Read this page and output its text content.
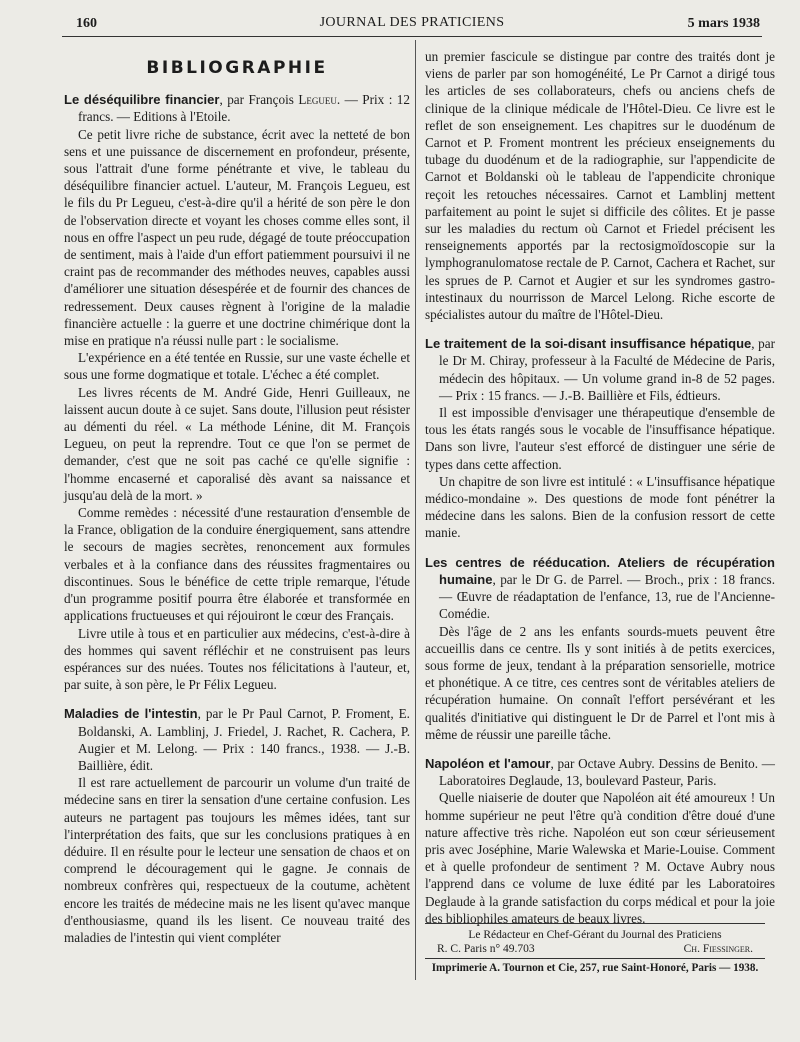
160	JOURNAL DES PRATICIENS	5 mars 1938
BIBLIOGRAPHIE

Le déséquilibre financier, par François Legueu. — Prix : 12 francs. — Editions à l'Etoile.

Ce petit livre riche de substance, écrit avec la netteté de bon sens et une puissance de discernement en profondeur, présente, sous l'attrait d'une forme pénétrante et vive, le tableau du déséquilibre financier actuel. L'auteur, M. François Legueu, est le fils du Pr Legueu, c'est-à-dire qu'il a hérité de son père le don de l'observation directe et voyant les choses comme elles sont, il nous en offre l'aspect un peu rude, dégagé de toute préoccupation de sentiment, mais à l'aide d'un effort patiemment poursuivi il ne craint pas de recommander des méthodes neuves, capables aussi d'améliorer une situation désespérée et de fournir des chances de redressement. Deux causes règnent à l'origine de la maladie financière actuelle : la guerre et une doctrine chimérique dont la mise en pratique n'a réussi nulle part : le socialisme.

L'expérience en a été tentée en Russie, sur une vaste échelle et sous une forme dogmatique et totale. L'échec a été complet.

Les livres récents de M. André Gide, Henri Guilleaux, ne laissent aucun doute à ce sujet. Sans doute, l'illusion peut résister au démenti du réel. « La méthode Lénine, dit M. François Legueu, on peut la reprendre. Tout ce que l'on se permet de demander, c'est que ne soit pas caché ce qu'elle signifie : l'homme encaserné et caporalisé dès avant sa naissance et jusqu'au delà de la mort. »

Comme remèdes : nécessité d'une restauration d'ensemble de la France, obligation de la conduire énergiquement, sans attendre le secours de magies secrètes, renoncement aux formules verbales et à la confiance dans des réussites fragmentaires ou discontinues. Sous le bénéfice de cette triple remarque, l'étude d'un programme positif pourra être élaborée et transformée en applications fructueuses et qui réjouiront le cœur des Français.

Livre utile à tous et en particulier aux médecins, c'est-à-dire à des hommes qui savent réfléchir et ne construisent pas leurs espérances sur des nuées. Toutes nos félicitations à l'auteur, et, par suite, à son père, le Pr Félix Legueu.

Maladies de l'intestin, par le Pr Paul Carnot, P. Froment, E. Boldanski, A. Lamblinj, J. Friedel, J. Rachet, R. Cachera, P. Augier et M. Lelong. — Prix : 140 francs., 1938. — J.-B. Baillière, édit.

Il est rare actuellement de parcourir un volume d'un traité de médecine sans en tirer la sensation d'une certaine confusion. Les auteurs ne partagent pas toujours les mêmes idées, tant sur l'interprétation des faits, que sur les conclusions pratiques à en déduire. Il en résulte pour le lecteur une sensation de chaos et on comprend le découragement qui le gagne. Je connais de nombreux confrères qui, respectueux de la coutume, achètent encore les traités de médecine mais ne les lisent qu'avec manque d'enthousiasme, quand ils les lisent. Ce nouveau traité des maladies de l'intestin qui vient compléter

un premier fascicule se distingue par contre des traités dont je viens de parler par son homogénéité, Le Pr Carnot a dirigé tous les articles de ses collaborateurs, chefs ou anciens chefs de clinique de la clinique médicale de l'Hôtel-Dieu. Ce livre est le reflet de son enseignement. Les chapitres sur le duodénum de Carnot et P. Froment montrent les précieux enseignements du tubage du duodénum et de la radiographie, sur l'appendicite de Carnot et Boldanski où le tableau de l'appendicite chronique reçoit les retouches nécessaires. Carnot et Lamblinj mettent parfaitement au point le sujet si difficile des côlites. Et je passe sur les maladies du rectum où Carnot et Friedel précisent les renseignements apportés par la rectosigmoïdoscopie sur la lymphogranulomatose rectale de P. Carnot, Cachera et Rachet, sur les sprues de P. Carnot et Augier et sur les syndromes gastro-intestinaux du nourrisson de Marcel Lelong. Riche escorte de spécialistes autour du maître de l'Hôtel-Dieu.

Le traitement de la soi-disant insuffisance hépatique, par le Dr M. Chiray, professeur à la Faculté de Médecine de Paris, médecin des hôpitaux. — Un volume grand in-8 de 52 pages. — Prix : 15 francs. — J.-B. Baillière et Fils, édtieurs.

Il est impossible d'envisager une thérapeutique d'ensemble de tous les états rangés sous le vocable de l'insuffisance hépatique. Dans son livre, l'auteur s'est efforcé de distinguer une série de types dans cette affection.

Un chapitre de son livre est intitulé : « L'insuffisance hépatique médico-mondaine ». Des questions de mode font pénétrer la médecine dans les salons. Bien de la confusion ressort de cette manie.

Les centres de rééducation. Ateliers de récupération humaine, par le Dr G. de Parrel. — Broch., prix : 18 francs. — Œuvre de réadaptation de l'enfance, 13, rue de l'Ancienne-Comédie.

Dès l'âge de 2 ans les enfants sourds-muets peuvent être accueillis dans ce centre. Ils y sont initiés à de petits exercices, sous forme de jeux, tendant à la préparation sensorielle, motrice et phonétique. A ce titre, ces centres sont de véritables ateliers de récupération humaine. On connaît l'effort persévérant et les qualités d'initiative qui distinguent le Dr de Parrel et l'ont mis à même de réussir une pareille tâche.

Napoléon et l'amour, par Octave Aubry. Dessins de Benito. — Laboratoires Deglaude, 13, boulevard Pasteur, Paris.

Quelle niaiserie de douter que Napoléon ait été amoureux ! Un homme supérieur ne peut l'être qu'à condition d'être doué d'une nature affective très riche. Napoléon eut son cœur sérieusement pris avec Joséphine, Marie Walewska et Marie-Louise. Comment et à quelle profondeur de sentiment ? M. Octave Aubry nous l'apprend dans ce volume de luxe édité par les Laboratoires Deglaude à la grande satisfaction du corps médical et pour la joie des bibliophiles amateurs de beaux livres.

Le Rédacteur en Chef-Gérant du Journal des Praticiens
R. C. Paris n° 49.703	Ch. Fiessinger.
Imprimerie A. Tournon et Cie, 257, rue Saint-Honoré, Paris — 1938.
